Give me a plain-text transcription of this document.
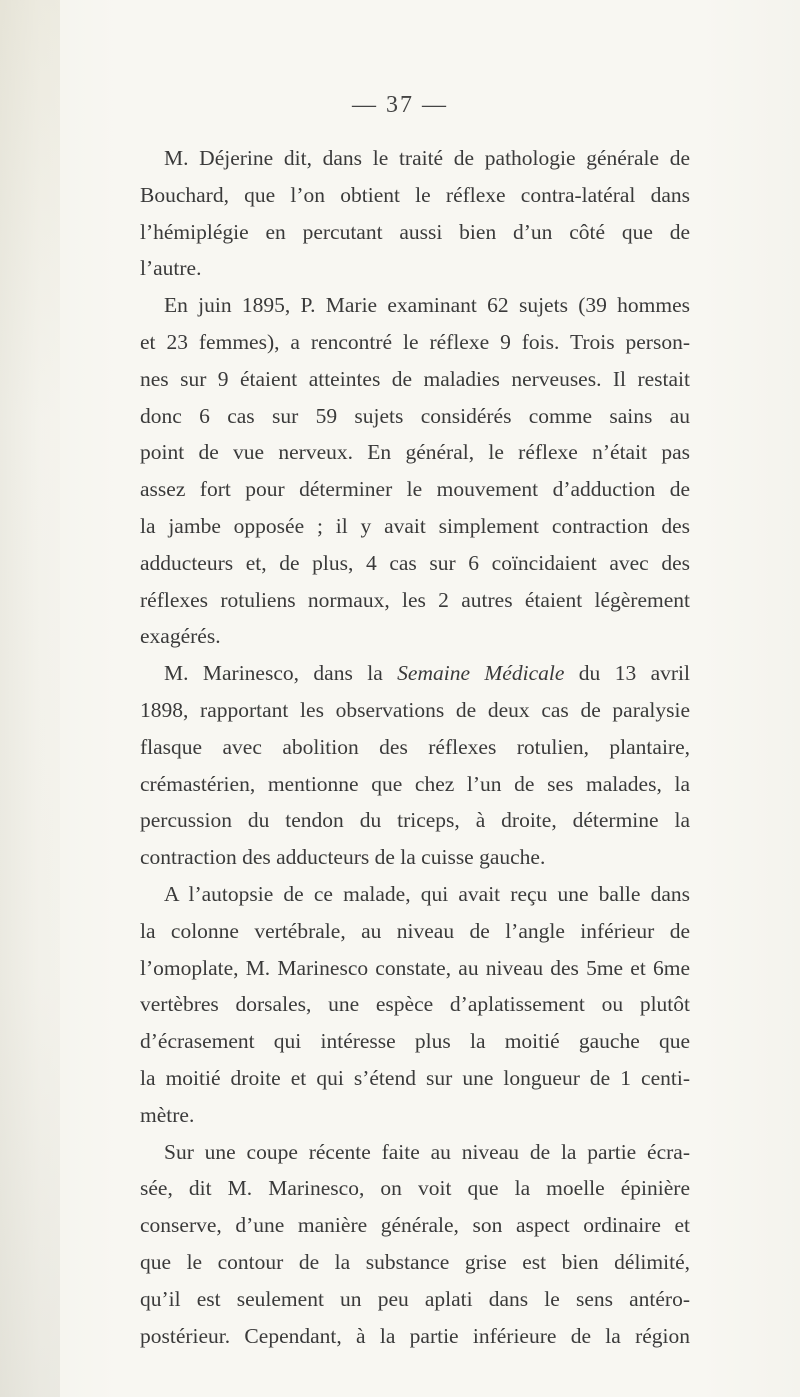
— 37 —
M. Déjerine dit, dans le traité de pathologie générale de
Bouchard, que l’on obtient le réflexe contra-latéral dans
l’hémiplégie en percutant aussi bien d’un côté que de
l’autre.
En juin 1895, P. Marie examinant 62 sujets (39 hommes
et 23 femmes), a rencontré le réflexe 9 fois. Trois person-
nes sur 9 étaient atteintes de maladies nerveuses. Il restait
donc 6 cas sur 59 sujets considérés comme sains au
point de vue nerveux. En général, le réflexe n’était pas
assez fort pour déterminer le mouvement d’adduction de
la jambe opposée ; il y avait simplement contraction des
adducteurs et, de plus, 4 cas sur 6 coïncidaient avec des
réflexes rotuliens normaux, les 2 autres étaient légèrement
exagérés.
M. Marinesco, dans la Semaine Médicale du 13 avril
1898, rapportant les observations de deux cas de paralysie
flasque avec abolition des réflexes rotulien, plantaire,
crémastérien, mentionne que chez l’un de ses malades, la
percussion du tendon du triceps, à droite, détermine la
contraction des adducteurs de la cuisse gauche.
A l’autopsie de ce malade, qui avait reçu une balle dans
la colonne vertébrale, au niveau de l’angle inférieur de
l’omoplate, M. Marinesco constate, au niveau des 5me et 6me
vertèbres dorsales, une espèce d’aplatissement ou plutôt
d’écrasement qui intéresse plus la moitié gauche que
la moitié droite et qui s’étend sur une longueur de 1 centi-
mètre.
Sur une coupe récente faite au niveau de la partie écra-
sée, dit M. Marinesco, on voit que la moelle épinière
conserve, d’une manière générale, son aspect ordinaire et
que le contour de la substance grise est bien délimité,
qu’il est seulement un peu aplati dans le sens antéro-
postérieur. Cependant, à la partie inférieure de la région
